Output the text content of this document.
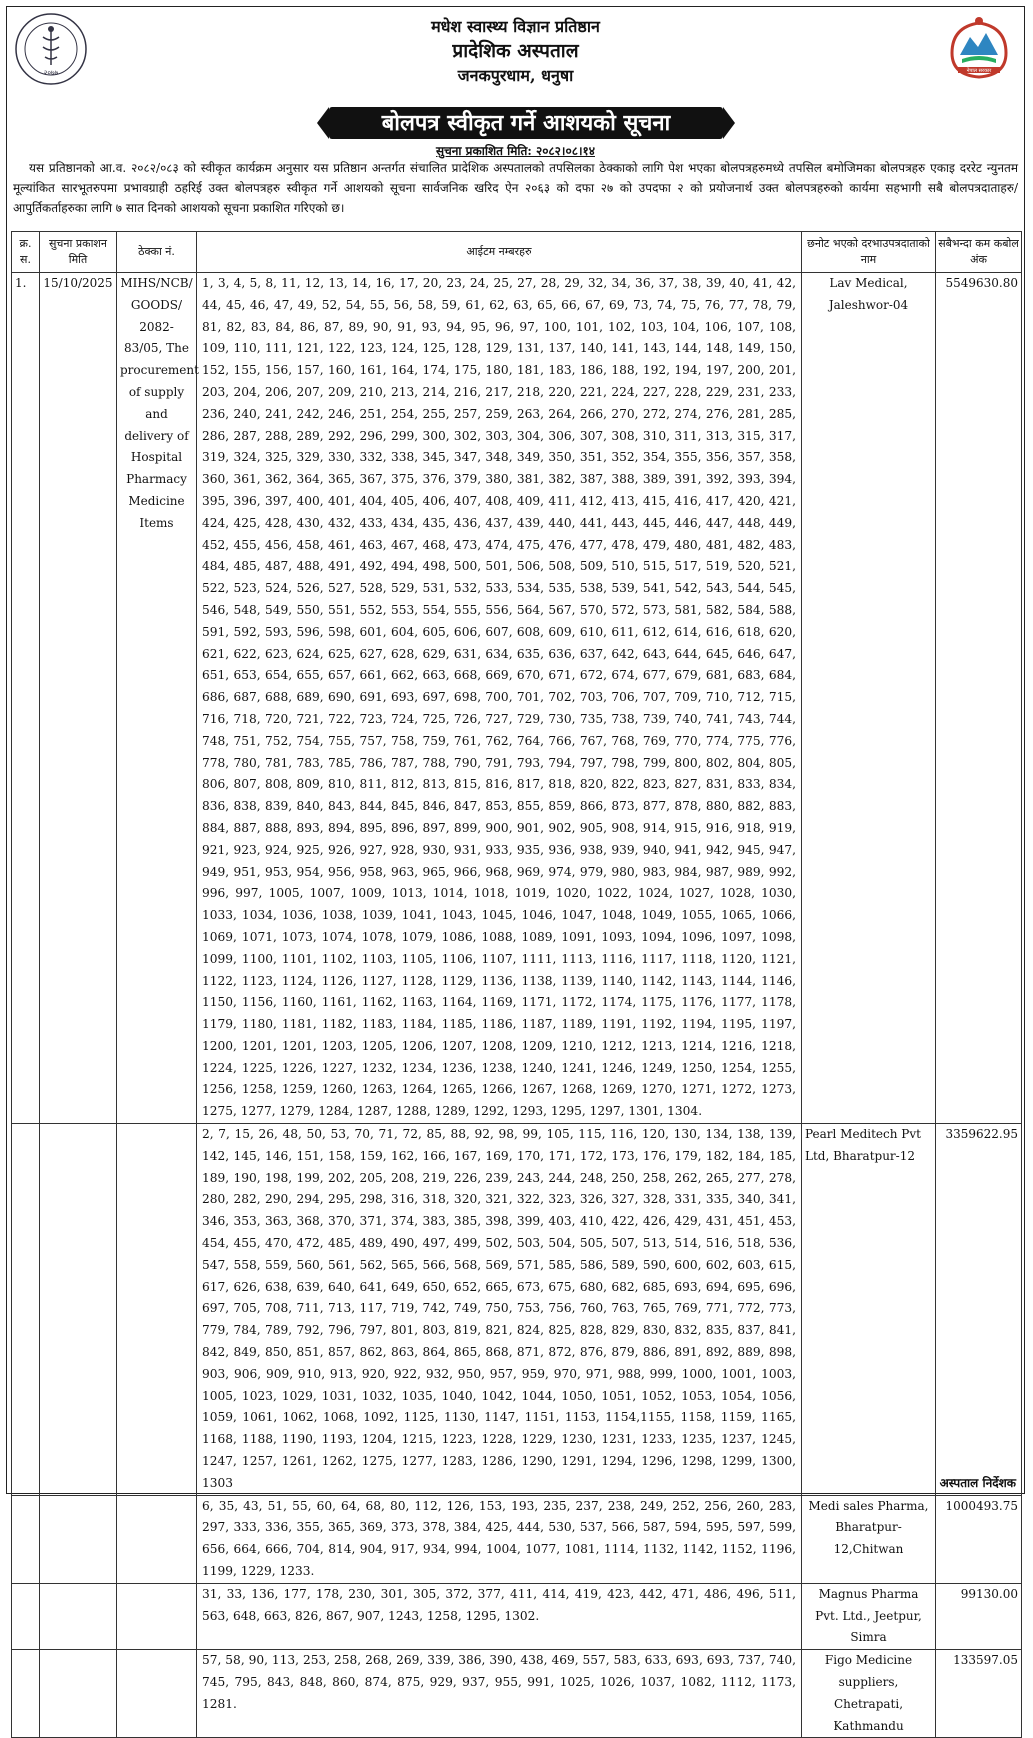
२०७७
मधेश स्वास्थ्य विज्ञान प्रतिष्ठान
प्रादेशिक अस्पताल
जनकपुरधाम, धनुषा	नेपाल सरकार
बोलपत्र स्वीकृत गर्ने आशयको सूचना
सुचना प्रकाशित मिति: २०८२।०८।१४
यस प्रतिष्ठानको आ.व. २०८२/०८३ को स्वीकृत कार्यक्रम अनुसार यस प्रतिष्ठान अन्तर्गत संचालित प्रादेशिक अस्पतालको तपसिलका ठेक्काको लागि पेश भएका बोलपत्रहरुमध्ये तपसिल बमोजिमका बोलपत्रहरु एकाइ दररेट न्युनतम मूल्यांकित सारभूतरुपमा प्रभावग्राही ठहरिई उक्त बोलपत्रहरु स्वीकृत गर्ने आशयको सूचना सार्वजनिक खरिद ऐन २०६३ को दफा २७ को उपदफा २ को प्रयोजनार्थ उक्त बोलपत्रहरुको कार्यमा सहभागी सबै बोलपत्रदाताहरु/ आपुर्तिकर्ताहरुका लागि ७ सात दिनको आशयको सूचना प्रकाशित गरिएको छ।
क्र. स.	सुचना प्रकाशन मिति	ठेक्का नं.	आईटम नम्बरहरु	छनोट भएको दरभाउपत्रदाताको नाम	सबैभन्दा कम कबोल अंक
1.	15/10/2025	MIHS/NCB/ GOODS/ 2082- 83/05, The procurement of supply and delivery of Hospital Pharmacy Medicine Items	1, 3, 4, 5, 8, 11, 12, 13, 14, 16, 17, 20, 23, 24, 25, 27, 28, 29, 32, 34, 36, 37, 38, 39, 40, 41, 42, 44, 45, 46, 47, 49, 52, 54, 55, 56, 58, 59, 61, 62, 63, 65, 66, 67, 69, 73, 74, 75, 76, 77, 78, 79, 81, 82, 83, 84, 86, 87, 89, 90, 91, 93, 94, 95, 96, 97, 100, 101, 102, 103, 104, 106, 107, 108, 109, 110, 111, 121, 122, 123, 124, 125, 128, 129, 131, 137, 140, 141, 143, 144, 148, 149, 150, 152, 155, 156, 157, 160, 161, 164, 174, 175, 180, 181, 183, 186, 188, 192, 194, 197, 200, 201, 203, 204, 206, 207, 209, 210, 213, 214, 216, 217, 218, 220, 221, 224, 227, 228, 229, 231, 233, 236, 240, 241, 242, 246, 251, 254, 255, 257, 259, 263, 264, 266, 270, 272, 274, 276, 281, 285, 286, 287, 288, 289, 292, 296, 299, 300, 302, 303, 304, 306, 307, 308, 310, 311, 313, 315, 317, 319, 324, 325, 329, 330, 332, 338, 345, 347, 348, 349, 350, 351, 352, 354, 355, 356, 357, 358, 360, 361, 362, 364, 365, 367, 375, 376, 379, 380, 381, 382, 387, 388, 389, 391, 392, 393, 394, 395, 396, 397, 400, 401, 404, 405, 406, 407, 408, 409, 411, 412, 413, 415, 416, 417, 420, 421, 424, 425, 428, 430, 432, 433, 434, 435, 436, 437, 439, 440, 441, 443, 445, 446, 447, 448, 449, 452, 455, 456, 458, 461, 463, 467, 468, 473, 474, 475, 476, 477, 478, 479, 480, 481, 482, 483, 484, 485, 487, 488, 491, 492, 494, 498, 500, 501, 506, 508, 509, 510, 515, 517, 519, 520, 521, 522, 523, 524, 526, 527, 528, 529, 531, 532, 533, 534, 535, 538, 539, 541, 542, 543, 544, 545, 546, 548, 549, 550, 551, 552, 553, 554, 555, 556, 564, 567, 570, 572, 573, 581, 582, 584, 588, 591, 592, 593, 596, 598, 601, 604, 605, 606, 607, 608, 609, 610, 611, 612, 614, 616, 618, 620, 621, 622, 623, 624, 625, 627, 628, 629, 631, 634, 635, 636, 637, 642, 643, 644, 645, 646, 647, 651, 653, 654, 655, 657, 661, 662, 663, 668, 669, 670, 671, 672, 674, 677, 679, 681, 683, 684, 686, 687, 688, 689, 690, 691, 693, 697, 698, 700, 701, 702, 703, 706, 707, 709, 710, 712, 715, 716, 718, 720, 721, 722, 723, 724, 725, 726, 727, 729, 730, 735, 738, 739, 740, 741, 743, 744, 748, 751, 752, 754, 755, 757, 758, 759, 761, 762, 764, 766, 767, 768, 769, 770, 774, 775, 776, 778, 780, 781, 783, 785, 786, 787, 788, 790, 791, 793, 794, 797, 798, 799, 800, 802, 804, 805, 806, 807, 808, 809, 810, 811, 812, 813, 815, 816, 817, 818, 820, 822, 823, 827, 831, 833, 834, 836, 838, 839, 840, 843, 844, 845, 846, 847, 853, 855, 859, 866, 873, 877, 878, 880, 882, 883, 884, 887, 888, 893, 894, 895, 896, 897, 899, 900, 901, 902, 905, 908, 914, 915, 916, 918, 919, 921, 923, 924, 925, 926, 927, 928, 930, 931, 933, 935, 936, 938, 939, 940, 941, 942, 945, 947, 949, 951, 953, 954, 956, 958, 963, 965, 966, 968, 969, 974, 979, 980, 983, 984, 987, 989, 992, 996, 997, 1005, 1007, 1009, 1013, 1014, 1018, 1019, 1020, 1022, 1024, 1027, 1028, 1030, 1033, 1034, 1036, 1038, 1039, 1041, 1043, 1045, 1046, 1047, 1048, 1049, 1055, 1065, 1066, 1069, 1071, 1073, 1074, 1078, 1079, 1086, 1088, 1089, 1091, 1093, 1094, 1096, 1097, 1098, 1099, 1100, 1101, 1102, 1103, 1105, 1106, 1107, 1111, 1113, 1116, 1117, 1118, 1120, 1121, 1122, 1123, 1124, 1126, 1127, 1128, 1129, 1136, 1138, 1139, 1140, 1142, 1143, 1144, 1146, 1150, 1156, 1160, 1161, 1162, 1163, 1164, 1169, 1171, 1172, 1174, 1175, 1176, 1177, 1178, 1179, 1180, 1181, 1182, 1183, 1184, 1185, 1186, 1187, 1189, 1191, 1192, 1194, 1195, 1197, 1200, 1201, 1201, 1203, 1205, 1206, 1207, 1208, 1209, 1210, 1212, 1213, 1214, 1216, 1218, 1224, 1225, 1226, 1227, 1232, 1234, 1236, 1238, 1240, 1241, 1246, 1249, 1250, 1254, 1255, 1256, 1258, 1259, 1260, 1263, 1264, 1265, 1266, 1267, 1268, 1269, 1270, 1271, 1272, 1273, 1275, 1277, 1279, 1284, 1287, 1288, 1289, 1292, 1293, 1295, 1297, 1301, 1304.	Lav Medical, Jaleshwor-04	5549630.80
			2, 7, 15, 26, 48, 50, 53, 70, 71, 72, 85, 88, 92, 98, 99, 105, 115, 116, 120, 130, 134, 138, 139, 142, 145, 146, 151, 158, 159, 162, 166, 167, 169, 170, 171, 172, 173, 176, 179, 182, 184, 185, 189, 190, 198, 199, 202, 205, 208, 219, 226, 239, 243, 244, 248, 250, 258, 262, 265, 277, 278, 280, 282, 290, 294, 295, 298, 316, 318, 320, 321, 322, 323, 326, 327, 328, 331, 335, 340, 341, 346, 353, 363, 368, 370, 371, 374, 383, 385, 398, 399, 403, 410, 422, 426, 429, 431, 451, 453, 454, 455, 470, 472, 485, 489, 490, 497, 499, 502, 503, 504, 505, 507, 513, 514, 516, 518, 536, 547, 558, 559, 560, 561, 562, 565, 566, 568, 569, 571, 585, 586, 589, 590, 600, 602, 603, 615, 617, 626, 638, 639, 640, 641, 649, 650, 652, 665, 673, 675, 680, 682, 685, 693, 694, 695, 696, 697, 705, 708, 711, 713, 117, 719, 742, 749, 750, 753, 756, 760, 763, 765, 769, 771, 772, 773, 779, 784, 789, 792, 796, 797, 801, 803, 819, 821, 824, 825, 828, 829, 830, 832, 835, 837, 841, 842, 849, 850, 851, 857, 862, 863, 864, 865, 868, 871, 872, 876, 879, 886, 891, 892, 889, 898, 903, 906, 909, 910, 913, 920, 922, 932, 950, 957, 959, 970, 971, 988, 999, 1000, 1001, 1003, 1005, 1023, 1029, 1031, 1032, 1035, 1040, 1042, 1044, 1050, 1051, 1052, 1053, 1054, 1056, 1059, 1061, 1062, 1068, 1092, 1125, 1130, 1147, 1151, 1153, 1154,1155, 1158, 1159, 1165, 1168, 1188, 1190, 1193, 1204, 1215, 1223, 1228, 1229, 1230, 1231, 1233, 1235, 1237, 1245, 1247, 1257, 1261, 1262, 1275, 1277, 1283, 1286, 1290, 1291, 1294, 1296, 1298, 1299, 1300, 1303	Pearl Meditech Pvt Ltd, Bharatpur-12	3359622.95
			6, 35, 43, 51, 55, 60, 64, 68, 80, 112, 126, 153, 193, 235, 237, 238, 249, 252, 256, 260, 283, 297, 333, 336, 355, 365, 369, 373, 378, 384, 425, 444, 530, 537, 566, 587, 594, 595, 597, 599, 656, 664, 666, 704, 814, 904, 917, 934, 994, 1004, 1077, 1081, 1114, 1132, 1142, 1152, 1196, 1199, 1229, 1233.	Medi sales Pharma, Bharatpur-12,Chitwan	1000493.75
			31, 33, 136, 177, 178, 230, 301, 305, 372, 377, 411, 414, 419, 423, 442, 471, 486, 496, 511, 563, 648, 663, 826, 867, 907, 1243, 1258, 1295, 1302.	Magnus Pharma Pvt. Ltd., Jeetpur, Simra	99130.00
			57, 58, 90, 113, 253, 258, 268, 269, 339, 386, 390, 438, 469, 557, 583, 633, 693, 693, 737, 740, 745, 795, 843, 848, 860, 874, 875, 929, 937, 955, 991, 1025, 1026, 1037, 1082, 1112, 1173, 1281.	Figo Medicine suppliers, Chetrapati, Kathmandu	133597.05
अस्पताल निर्देशक
